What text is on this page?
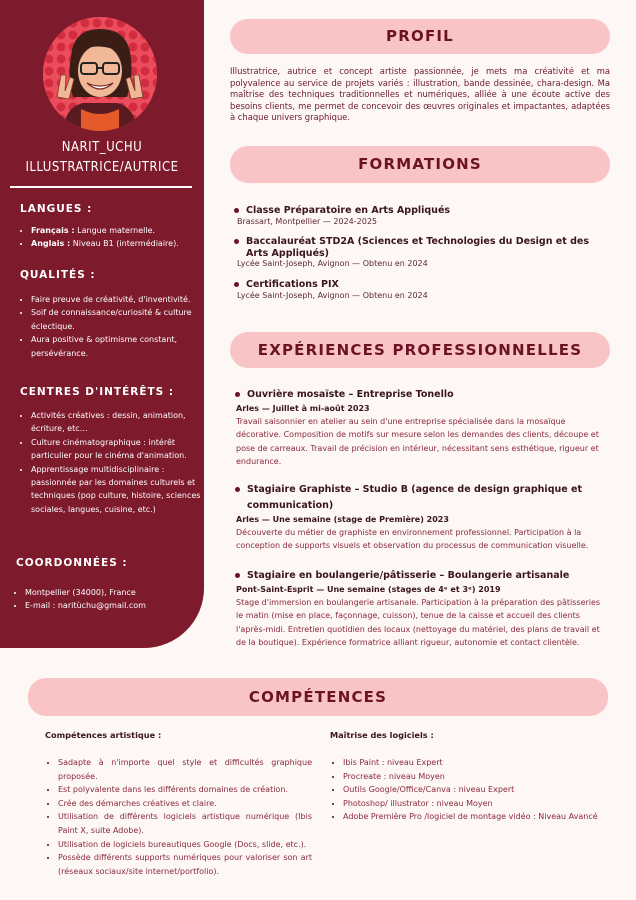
NARIT_UCHU
ILLUSTRATRICE/AUTRICE
LANGUES :
• Français : Langue maternelle.
• Anglais : Niveau B1 (intermédiaire).
QUALITÉS :
• Faire preuve de créativité, d'inventivité.
• Soif de connaissance/curiosité & culture éclectique.
• Aura positive & optimisme constant, persévérance.
CENTRES D'INTÉRÊTS :
• Activités créatives : dessin, animation, écriture, etc…
• Culture cinématographique : intérêt particulier pour le cinéma d'animation.
• Apprentissage multidisciplinaire : passionnée par les domaines culturels et techniques (pop culture, histoire, sciences sociales, langues, cuisine, etc.)
COORDONNÉES :
• Montpellier (34000), France
• E-mail : naritùchu@gmail.com
PROFIL
Illustratrice, autrice et concept artiste passionnée, je mets ma créativité et ma polyvalence au service de projets variés : illustration, bande dessinée, chara-design. Ma maîtrise des techniques traditionnelles et numériques, alliée à une écoute active des besoins clients, me permet de concevoir des œuvres originales et impactantes, adaptées à chaque univers graphique.
FORMATIONS
Classe Préparatoire en Arts Appliqués
Brassart, Montpellier — 2024-2025
Baccalauréat STD2A (Sciences et Technologies du Design et des Arts Appliqués)
Lycée Saint-Joseph, Avignon — Obtenu en 2024
Certifications PIX
Lycée Saint-Joseph, Avignon — Obtenu en 2024
EXPÉRIENCES PROFESSIONNELLES
Ouvrière mosaïste – Entreprise Tonello
Arles — Juillet à mi-août 2023
Travail saisonnier en atelier au sein d'une entreprise spécialisée dans la mosaïque décorative. Composition de motifs sur mesure selon les demandes des clients, découpe et pose de carreaux. Travail de précision en intérieur, nécessitant sens esthétique, rigueur et endurance.
Stagiaire Graphiste – Studio B (agence de design graphique et communication)
Arles — Une semaine (stage de Première) 2023
Découverte du métier de graphiste en environnement professionnel. Participation à la conception de supports visuels et observation du processus de communication visuelle.
Stagiaire en boulangerie/pâtisserie – Boulangerie artisanale
Pont-Saint-Esprit — Une semaine (stages de 4ᵉ et 3ᵉ) 2019
Stage d'immersion en boulangerie artisanale. Participation à la préparation des pâtisseries le matin (mise en place, façonnage, cuisson), tenue de la caisse et accueil des clients l'après-midi. Entretien quotidien des locaux (nettoyage du matériel, des plans de travail et de la boutique). Expérience formatrice alliant rigueur, autonomie et contact clientèle.
COMPÉTENCES
Compétences artistique :
• Sadapte à n'importe quel style et difficultés graphique proposée.
• Est polyvalente dans les différents domaines de création.
• Crée des démarches créatives et claire.
• Utilisation de différents logiciels artistique numérique (Ibis Paint X, suite Adobe).
• Utilisation de logiciels bureautiques Google (Docs, slide, etc.).
• Possède différents supports numériques pour valoriser son art (réseaux sociaux/site internet/portfolio).
Maîtrise des logiciels :
• Ibis Paint : niveau Expert
• Procreate : niveau Moyen
• Outils Google/Office/Canva : niveau Expert
• Photoshop/ illustrator : niveau Moyen
• Adobe Première Pro /logiciel de montage vidéo : Niveau Avancé
